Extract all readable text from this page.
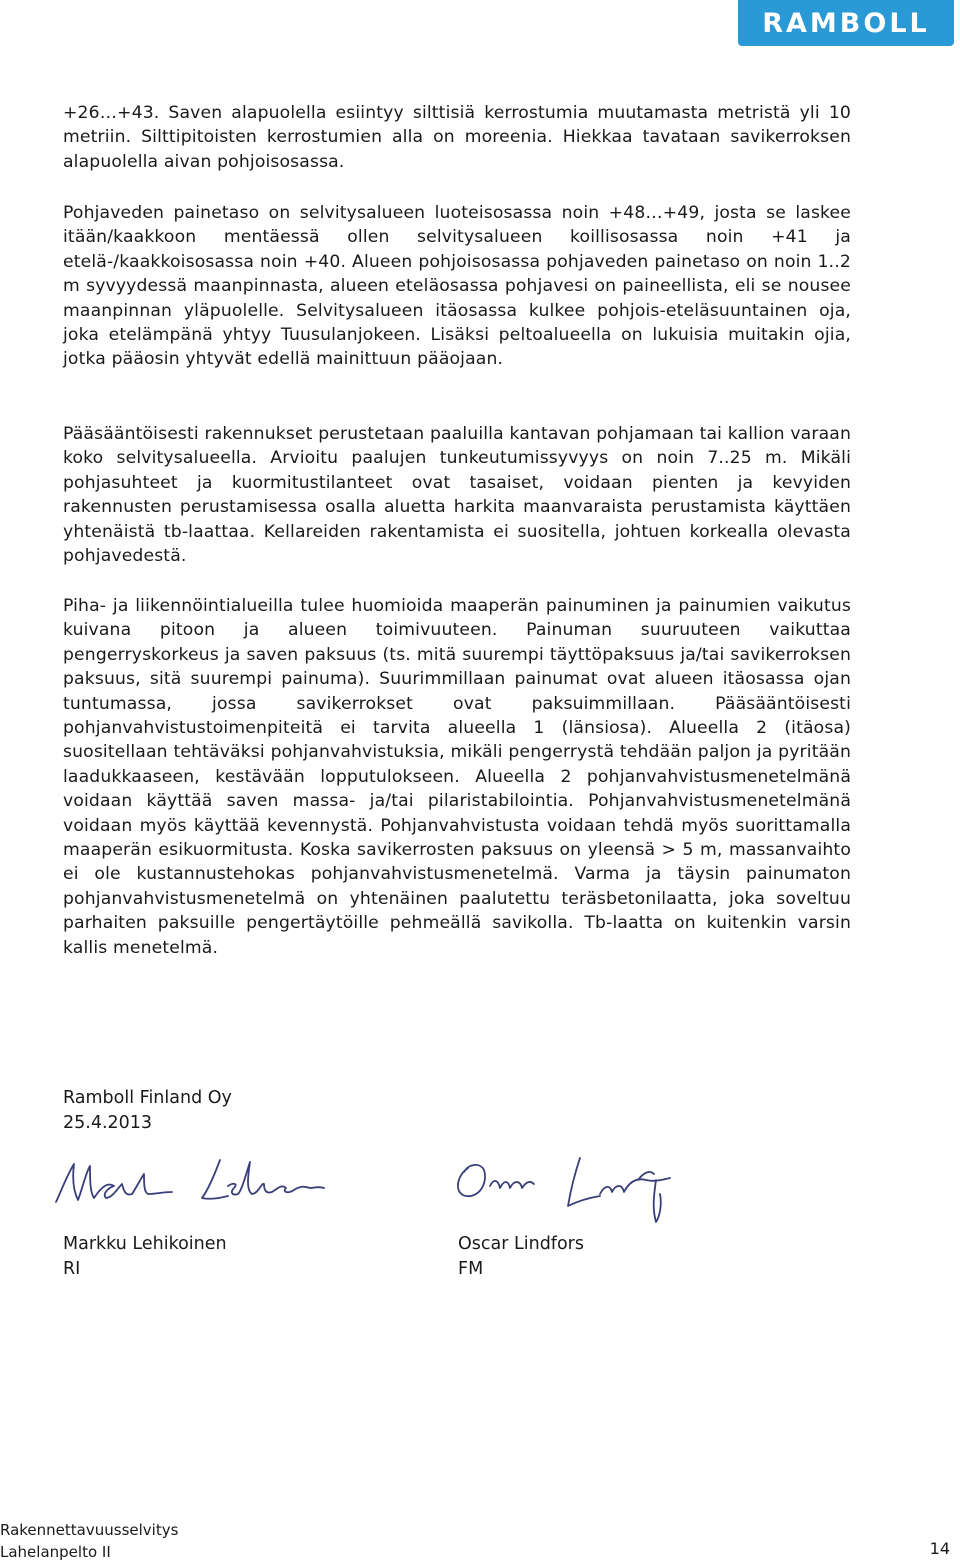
RAMBOLL

+26…+43. Saven alapuolella esiintyy silttisiä kerrostumia muutamasta metristä yli 10 metriin. Silttipitoisten kerrostumien alla on moreenia. Hiekkaa tavataan savikerroksen alapuolella aivan pohjoisosassa.

Pohjaveden painetaso on selvitysalueen luoteisosassa noin +48…+49, josta se laskee itään/kaakkoon mentäessä ollen selvitysalueen koillisosassa noin +41 ja etelä-/kaakkoisosassa noin +40. Alueen pohjoisosassa pohjaveden painetaso on noin 1..2 m syvyydessä maanpinnasta, alueen eteläosassa pohjavesi on paineellista, eli se nousee maanpinnan yläpuolelle. Selvitysalueen itäosassa kulkee pohjois-eteläsuuntainen oja, joka etelämpänä yhtyy Tuusulanjokeen. Lisäksi peltoalueella on lukuisia muitakin ojia, jotka pääosin yhtyvät edellä mainittuun pääojaan.

Pääsääntöisesti rakennukset perustetaan paaluilla kantavan pohjamaan tai kallion varaan koko selvitysalueella. Arvioitu paalujen tunkeutumissyvyys on noin 7..25 m. Mikäli pohjasuhteet ja kuormitustilanteet ovat tasaiset, voidaan pienten ja kevyiden rakennusten perustamisessa osalla aluetta harkita maanvaraista perustamista käyttäen yhtenäistä tb-laattaa. Kellareiden rakentamista ei suositella, johtuen korkealla olevasta pohjavedestä.

Piha- ja liikennöintialueilla tulee huomioida maaperän painuminen ja painumien vaikutus kuivana pitoon ja alueen toimivuuteen. Painuman suuruuteen vaikuttaa pengerryskorkeus ja saven paksuus (ts. mitä suurempi täyttöpaksuus ja/tai savikerroksen paksuus, sitä suurempi painuma). Suurimmillaan painumat ovat alueen itäosassa ojan tuntumassa, jossa savikerrokset ovat paksuimmillaan. Pääsääntöisesti pohjanvahvistustoimenpiteitä ei tarvita alueella 1 (länsiosa). Alueella 2 (itäosa) suositellaan tehtäväksi pohjanvahvistuksia, mikäli pengerrystä tehdään paljon ja pyritään laadukkaaseen, kestävään lopputulokseen. Alueella 2 pohjanvahvistusmenetelmänä voidaan käyttää saven massa- ja/tai pilaristabilointia. Pohjanvahvistusmenetelmänä voidaan myös käyttää kevennystä. Pohjanvahvistusta voidaan tehdä myös suorittamalla maaperän esikuormitusta. Koska savikerrosten paksuus on yleensä > 5 m, massanvaihto ei ole kustannustehokas pohjanvahvistusmenetelmä. Varma ja täysin painumaton pohjanvahvistusmenetelmä on yhtenäinen paalutettu teräsbetonilaatta, joka soveltuu parhaiten paksuille pengertäytöille pehmeällä savikolla. Tb-laatta on kuitenkin varsin kallis menetelmä.

Ramboll Finland Oy
25.4.2013
Markku Lehikoinen
RI
Oscar Lindfors
FM
Rakennettavuusselvitys
Lahelanpelto II	14
